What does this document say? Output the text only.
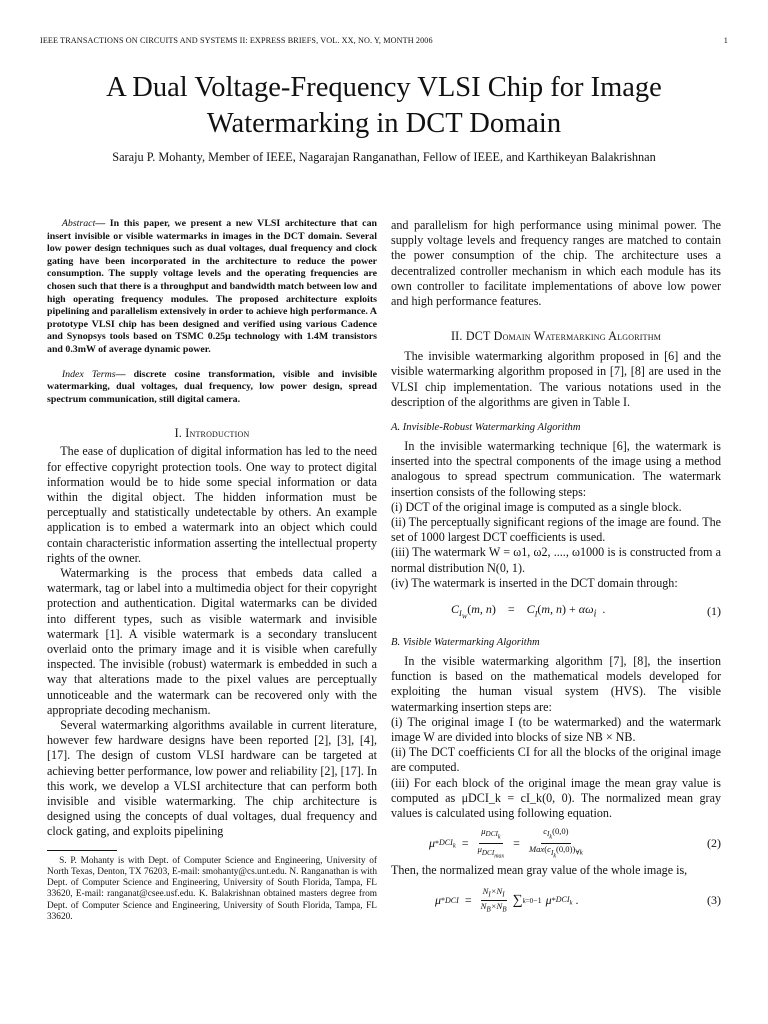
IEEE TRANSACTIONS ON CIRCUITS AND SYSTEMS II: EXPRESS BRIEFS, VOL. XX, NO. Y, MONTH 2006	1
A Dual Voltage-Frequency VLSI Chip for Image
Watermarking in DCT Domain
Saraju P. Mohanty, Member of IEEE, Nagarajan Ranganathan, Fellow of IEEE, and Karthikeyan Balakrishnan

Abstract— In this paper, we present a new VLSI architecture that can insert invisible or visible watermarks in images in the DCT domain. Several low power design techniques such as dual voltages, dual frequency and clock gating have been incorporated in the architecture to reduce the power consumption. The supply voltage levels and the operating frequencies are chosen such that there is a throughput and bandwidth match between low and high operating frequency modules. The proposed architecture exploits pipelining and parallelism extensively in order to achieve high performance. A prototype VLSI chip has been designed and verified using various Cadence and Synopsys tools based on TSMC 0.25μ technology with 1.4M transistors and 0.3mW of average dynamic power.

Index Terms— discrete cosine transformation, visible and invisible watermarking, dual voltages, dual frequency, low power design, spread spectrum communication, still digital camera.

I. Introduction

The ease of duplication of digital information has led to the need for effective copyright protection tools. One way to protect digital information would be to hide some special information or data within the digital object. The hidden information must be perceptually and statistically undetectable by others. An example application is to embed a watermark into an object which could contain characteristic information asserting the intellectual property rights of the owner.

Watermarking is the process that embeds data called a watermark, tag or label into a multimedia object for their copyright protection and authentication. Digital watermarks can be divided into different types, such as visible watermark and invisible watermark [1]. A visible watermark is a secondary translucent overlaid onto the primary image and it is visible when carefully inspected. The invisible (robust) watermark is embedded in such a way that alterations made to the pixel values are perceptually unnoticeable and the watermark can be recovered only with the appropriate decoding mechanism.

Several watermarking algorithms available in current literature, however few hardware designs have been reported [2], [3], [4], [17]. The design of custom VLSI hardware can be targeted at achieving better performance, low power and reliability [2], [17]. In this work, we develop a VLSI architecture that can perform both invisible and visible watermarking. The chip architecture is designed using the concepts of dual voltages, dual frequency and clock gating, and exploits pipelining

S. P. Mohanty is with Dept. of Computer Science and Engineering, University of North Texas, Denton, TX 76203, E-mail: smohanty@cs.unt.edu. N. Ranganathan is with Dept. of Computer Science and Engineering, University of South Florida, Tampa, FL 33620, E-mail: ranganat@csee.usf.edu. K. Balakrishnan obtained masters degree from Dept. of Computer Science and Engineering, University of South Florida, Tampa, FL 33620.

and parallelism for high performance using minimal power. The supply voltage levels and frequency ranges are matched to contain the power consumption of the chip. The architecture uses a decentralized controller mechanism in which each module has its own controller to facilitate implementations of above low power and high performance features.

II. DCT Domain Watermarking Algorithm

The invisible watermarking algorithm proposed in [6] and the visible watermarking algorithm proposed in [7], [8] are used in the VLSI chip implementation. The various notations used in the description of the algorithms are given in Table I.

A. Invisible-Robust Watermarking Algorithm

In the invisible watermarking technique [6], the watermark is inserted into the spectral components of the image using a method analogous to spread spectrum communication. The watermark insertion consists of the following steps:

(i) DCT of the original image is computed as a single block.

(ii) The perceptually significant regions of the image are found. The set of 1000 largest DCT coefficients is used.

(iii) The watermark W = ω1, ω2, ...., ω1000 is is constructed from a normal distribution N(0, 1).

(iv) The watermark is inserted in the DCT domain through:

$C_{I_W}(m$, n)    =    $C_I(m$, $n) + \alpha\omega_i$  .	(1)
B. Visible Watermarking Algorithm

In the visible watermarking algorithm [7], [8], the insertion function is based on the mathematical models developed for exploiting the human visual system (HVS). The visible watermarking insertion steps are:

(i) The original image I (to be watermarked) and the watermark image W are divided into blocks of size NB × NB.

(ii) The DCT coefficients CI for all the blocks of the original image are computed.

(iii) For each block of the original image the mean gray value is computed as μDCI_k = cI_k(0, 0). The normalized mean gray values is calculated using following equation.

$\mu * DCI_k = \frac{\mu_{DCI_k}}{\mu_{DCI_{max}}} = \frac{c_{I_k}(0,0)}{Max(c_{I_k}(0,0))_{\forall k}}$	(2)

Then, the normalized mean gray value of the whole image is,

μ * DCI = $\frac{N_I\times N_I}{N_B\times N_B}$ ∑ k=0 −1 μ * $DCI_k$ .	(3)
